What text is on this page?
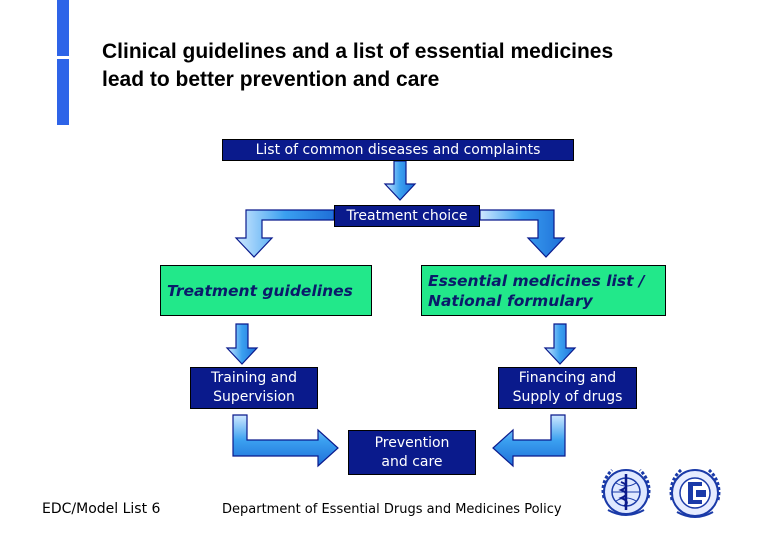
Clinical guidelines and a list of essential medicines
lead to better prevention and care
List of common diseases and complaints
Treatment choice
Treatment guidelines
Essential medicines list /
National formulary
Training and
Supervision
Financing and
Supply of drugs
Prevention
and care
EDC/Model List 6	Department of Essential Drugs and Medicines Policy
